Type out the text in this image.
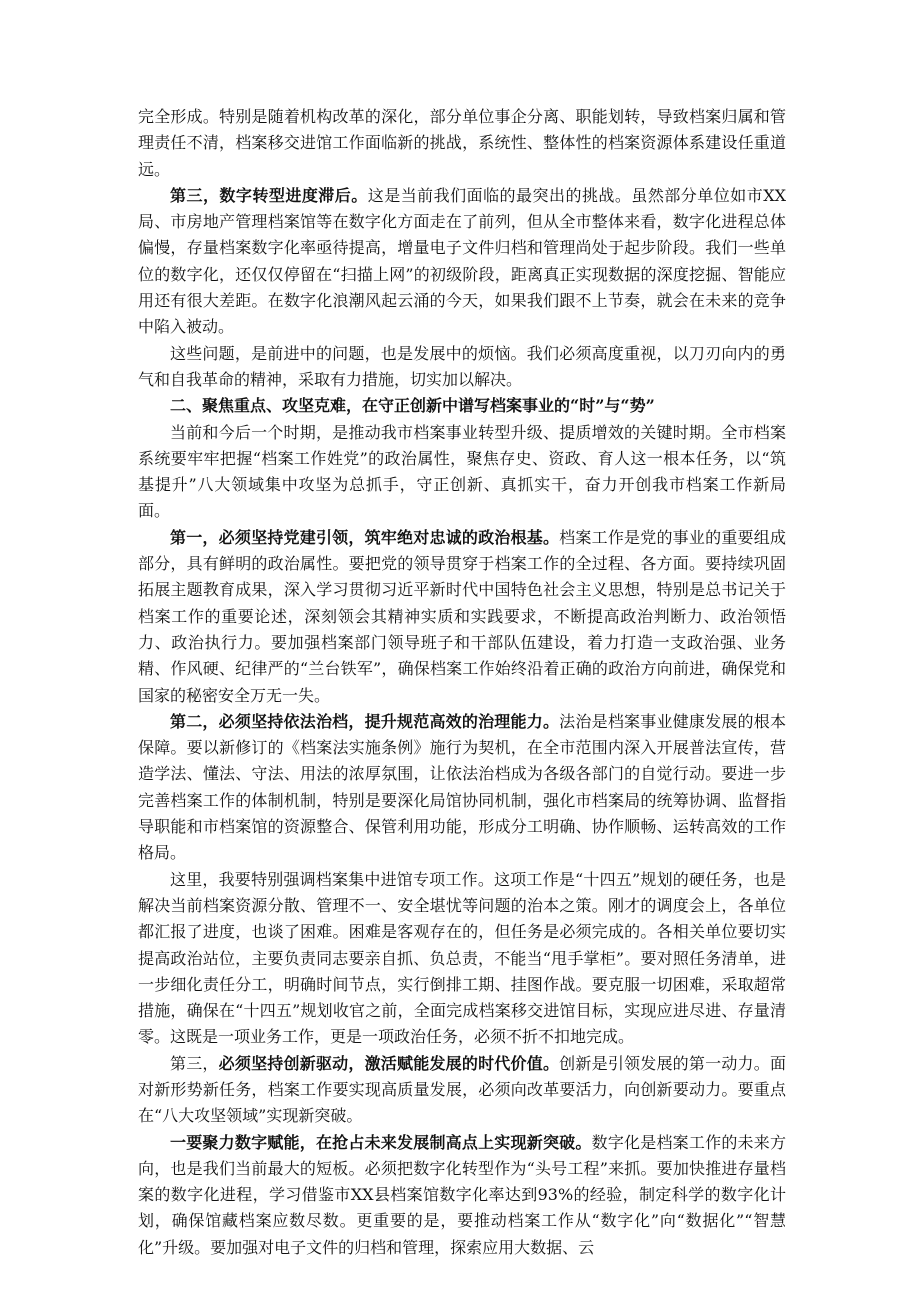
完全形成。特别是随着机构改革的深化，部分单位事企分离、职能划转，导致档案归属和管理责任不清，档案移交进馆工作面临新的挑战，系统性、整体性的档案资源体系建设任重道远。

第三，数字转型进度滞后。这是当前我们面临的最突出的挑战。虽然部分单位如市XX局、市房地产管理档案馆等在数字化方面走在了前列，但从全市整体来看，数字化进程总体偏慢，存量档案数字化率亟待提高，增量电子文件归档和管理尚处于起步阶段。我们一些单位的数字化，还仅仅停留在“扫描上网”的初级阶段，距离真正实现数据的深度挖掘、智能应用还有很大差距。在数字化浪潮风起云涌的今天，如果我们跟不上节奏，就会在未来的竞争中陷入被动。

这些问题，是前进中的问题，也是发展中的烦恼。我们必须高度重视，以刀刃向内的勇气和自我革命的精神，采取有力措施，切实加以解决。

二、聚焦重点、攻坚克难，在守正创新中谱写档案事业的“时”与“势”

当前和今后一个时期，是推动我市档案事业转型升级、提质增效的关键时期。全市档案系统要牢牢把握“档案工作姓党”的政治属性，聚焦存史、资政、育人这一根本任务，以“筑基提升”八大领域集中攻坚为总抓手，守正创新、真抓实干，奋力开创我市档案工作新局面。

第一，必须坚持党建引领，筑牢绝对忠诚的政治根基。档案工作是党的事业的重要组成部分，具有鲜明的政治属性。要把党的领导贯穿于档案工作的全过程、各方面。要持续巩固拓展主题教育成果，深入学习贯彻习近平新时代中国特色社会主义思想，特别是总书记关于档案工作的重要论述，深刻领会其精神实质和实践要求，不断提高政治判断力、政治领悟力、政治执行力。要加强档案部门领导班子和干部队伍建设，着力打造一支政治强、业务精、作风硬、纪律严的“兰台铁军”，确保档案工作始终沿着正确的政治方向前进，确保党和国家的秘密安全万无一失。

第二，必须坚持依法治档，提升规范高效的治理能力。法治是档案事业健康发展的根本保障。要以新修订的《档案法实施条例》施行为契机，在全市范围内深入开展普法宣传，营造学法、懂法、守法、用法的浓厚氛围，让依法治档成为各级各部门的自觉行动。要进一步完善档案工作的体制机制，特别是要深化局馆协同机制，强化市档案局的统筹协调、监督指导职能和市档案馆的资源整合、保管利用功能，形成分工明确、协作顺畅、运转高效的工作格局。

这里，我要特别强调档案集中进馆专项工作。这项工作是“十四五”规划的硬任务，也是解决当前档案资源分散、管理不一、安全堪忧等问题的治本之策。刚才的调度会上，各单位都汇报了进度，也谈了困难。困难是客观存在的，但任务是必须完成的。各相关单位要切实提高政治站位，主要负责同志要亲自抓、负总责，不能当“甩手掌柜”。要对照任务清单，进一步细化责任分工，明确时间节点，实行倒排工期、挂图作战。要克服一切困难，采取超常措施，确保在“十四五”规划收官之前，全面完成档案移交进馆目标，实现应进尽进、存量清零。这既是一项业务工作，更是一项政治任务，必须不折不扣地完成。

第三，必须坚持创新驱动，激活赋能发展的时代价值。创新是引领发展的第一动力。面对新形势新任务，档案工作要实现高质量发展，必须向改革要活力，向创新要动力。要重点在“八大攻坚领域”实现新突破。

一要聚力数字赋能，在抢占未来发展制高点上实现新突破。数字化是档案工作的未来方向，也是我们当前最大的短板。必须把数字化转型作为“头号工程”来抓。要加快推进存量档案的数字化进程，学习借鉴市XX县档案馆数字化率达到93%的经验，制定科学的数字化计划，确保馆藏档案应数尽数。更重要的是，要推动档案工作从“数字化”向“数据化”“智慧化”升级。要加强对电子文件的归档和管理，探索应用大数据、云
